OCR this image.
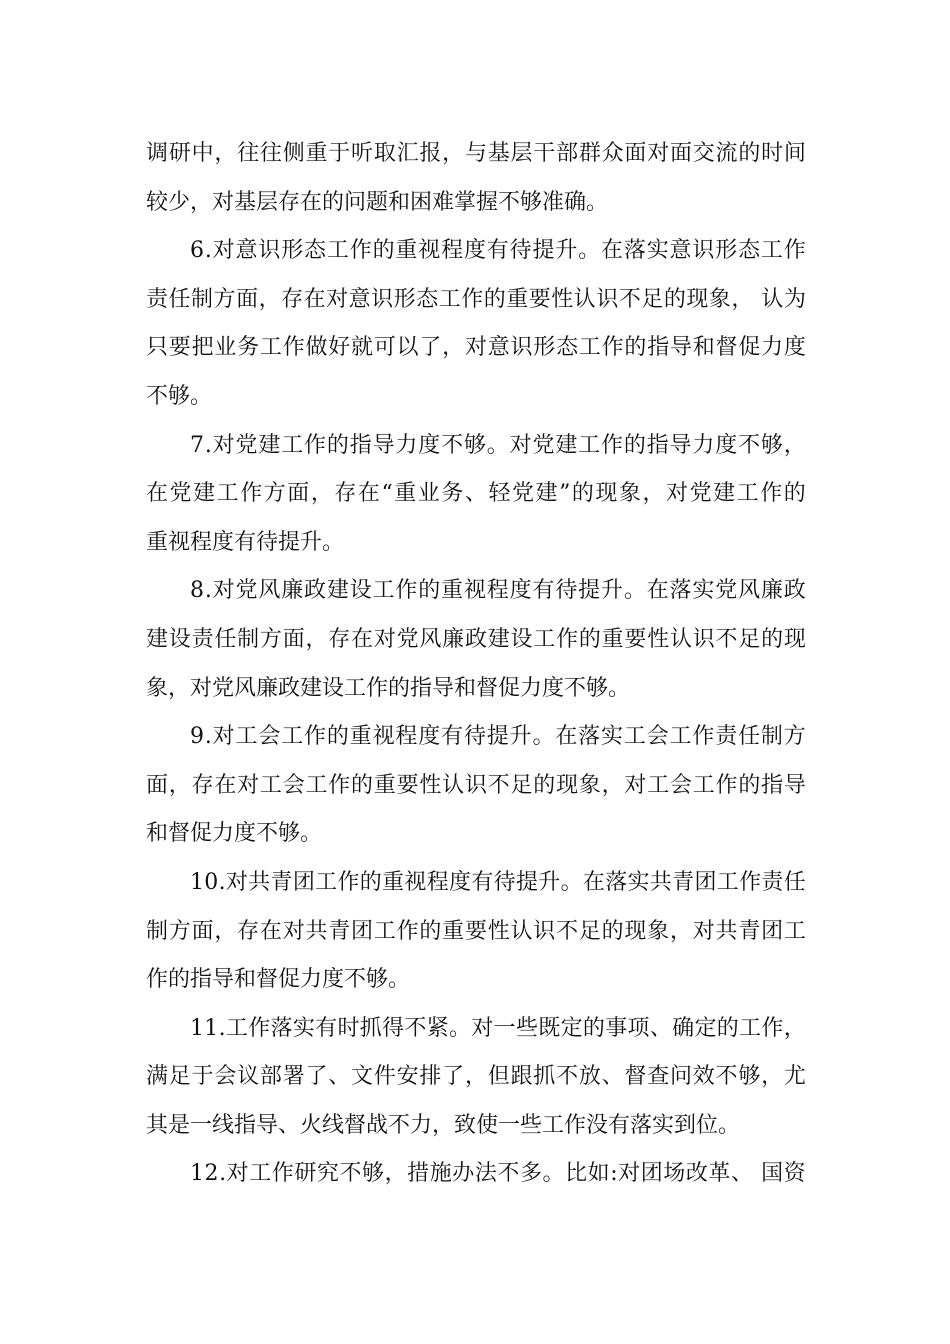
调 研 中 ， 往 往 侧 重 于 听 取 汇 报 ， 与 基 层 干 部 群 众 面 对 面 交 流 的 时 间
较少，对基层存在的问题和困难掌握不够准确。
6 . 对 意 识 形 态 工 作 的 重 视 程 度 有 待 提 升 。 在 落 实 意 识 形 态 工 作
责 任 制 方 面 ， 存 在 对 意 识 形 态 工 作 的 重 要 性 认 识 不 足 的 现 象 ，
认 为
只 要 把 业 务 工 作 做 好 就 可 以 了 ， 对 意 识 形 态 工 作 的 指 导 和 督 促 力 度
不够。
7 . 对 党 建 工 作 的 指 导 力 度 不 够 。 对 党 建 工 作 的 指 导 力 度 不 够 ，
在 党 建 工 作 方 面 ， 存 在 “ 重 业 务 、 轻 党 建 ” 的 现 象 ， 对 党 建 工 作 的
重视程度有待提升。
8 . 对 党 风 廉 政 建 设 工 作 的 重 视 程 度 有 待 提 升 。 在 落 实 党 风 廉 政
建 设 责 任 制 方 面 ， 存 在 对 党 风 廉 政 建 设 工 作 的 重 要 性 认 识 不 足 的 现
象，对党风廉政建设工作的指导和督促力度不够。
9 . 对 工 会 工 作 的 重 视 程 度 有 待 提 升 。 在 落 实 工 会 工 作 责 任 制 方
面 ， 存 在 对 工 会 工 作 的 重 要 性 认 识 不 足 的 现 象 ， 对 工 会 工 作 的 指 导
和督促力度不够。
1 0 . 对 共 青 团 工 作 的 重 视 程 度 有 待 提 升 。 在 落 实 共 青 团 工 作 责 任
制 方 面 ， 存 在 对 共 青 团 工 作 的 重 要 性 认 识 不 足 的 现 象 ， 对 共 青 团 工
作的指导和督促力度不够。
1 1 . 工 作 落 实 有 时 抓 得 不 紧 。 对 一 些 既 定 的 事 项 、 确 定 的 工 作 ，
满 足 于 会 议 部 署 了 、 文 件 安 排 了 ， 但 跟 抓 不 放 、 督 查 问 效 不 够 ， 尤
其是一线指导、火线督战不力，致使一些工作没有落实到位。
1 2 . 对 工 作 研 究 不 够 ， 措 施 办 法 不 多 。 比 如 : 对 团 场 改 革 、
国 资
